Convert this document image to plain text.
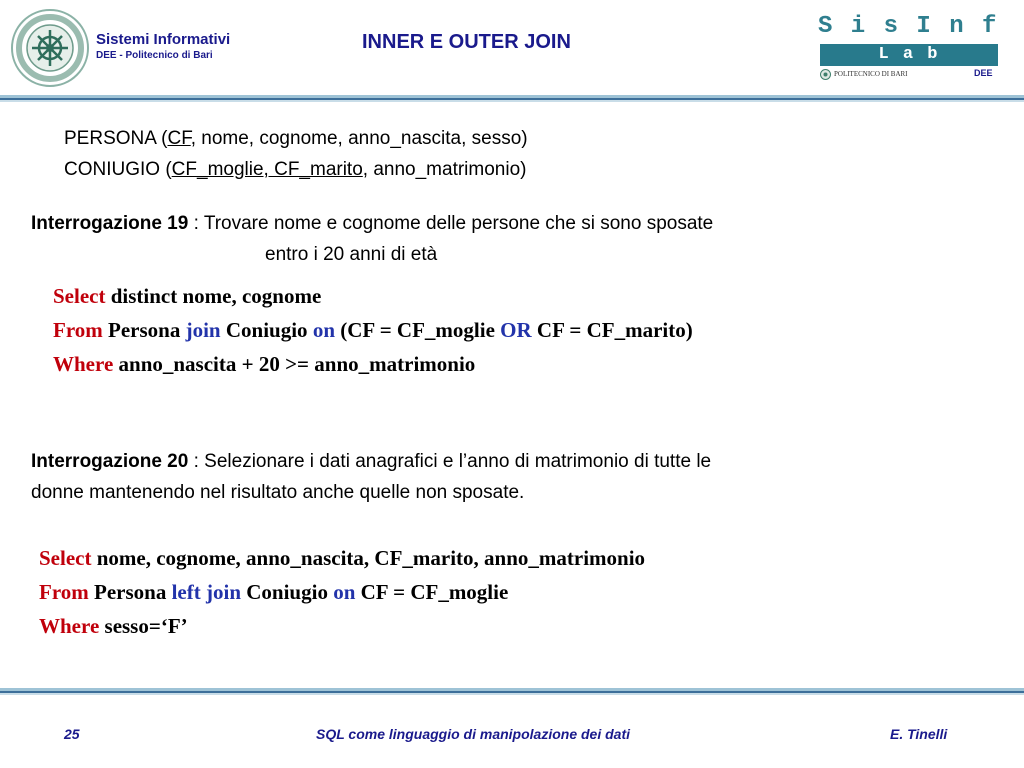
Sistemi Informativi
DEE - Politecnico di Bari
INNER E OUTER JOIN
S i s I n f
L a b
POLITECNICO DI BARI	DEE
PERSONA (CF, nome, cognome, anno_nascita, sesso)
CONIUGIO (CF_moglie, CF_marito, anno_matrimonio)
Interrogazione 19 : Trovare nome e cognome delle persone che si sono sposate
entro i 20 anni di età
Select distinct nome, cognome
From Persona join Coniugio on (CF = CF_moglie OR CF = CF_marito)
Where anno_nascita + 20 >= anno_matrimonio
Interrogazione 20 : Selezionare i dati anagrafici e l’anno di matrimonio di tutte le
donne mantenendo nel risultato anche quelle non sposate.
Select nome, cognome, anno_nascita, CF_marito, anno_matrimonio
From Persona left join Coniugio on CF = CF_moglie
Where sesso=‘F’
25	SQL come linguaggio di manipolazione dei dati	E. Tinelli
